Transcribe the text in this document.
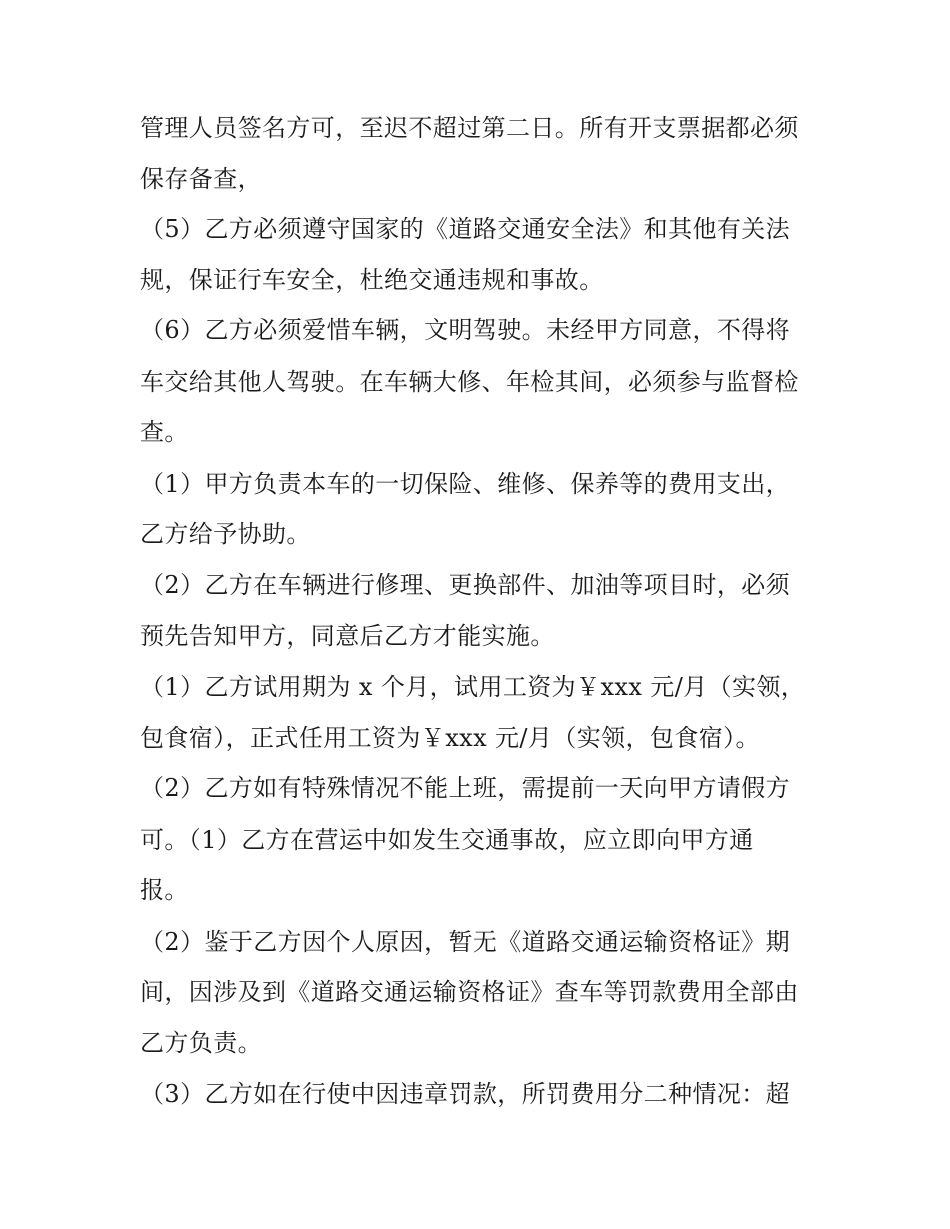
管理人员签名方可，至迟不超过第二日。所有开支票据都必须
保存备查，
（5）乙方必须遵守国家的《道路交通安全法》和其他有关法
规，保证行车安全，杜绝交通违规和事故。
（6）乙方必须爱惜车辆，文明驾驶。未经甲方同意，不得将
车交给其他人驾驶。在车辆大修、年检其间，必须参与监督检
查。
（1）甲方负责本车的一切保险、维修、保养等的费用支出，
乙方给予协助。
（2）乙方在车辆进行修理、更换部件、加油等项目时，必须
预先告知甲方，同意后乙方才能实施。
（1）乙方试用期为 x 个月，试用工资为￥xxx 元/月（实领，
包食宿），正式任用工资为￥xxx 元/月（实领，包食宿）。
（2）乙方如有特殊情况不能上班，需提前一天向甲方请假方
可。（1）乙方在营运中如发生交通事故，应立即向甲方通
报。
（2）鉴于乙方因个人原因，暂无《道路交通运输资格证》期
间，因涉及到《道路交通运输资格证》查车等罚款费用全部由
乙方负责。
（3）乙方如在行使中因违章罚款，所罚费用分二种情况：超
